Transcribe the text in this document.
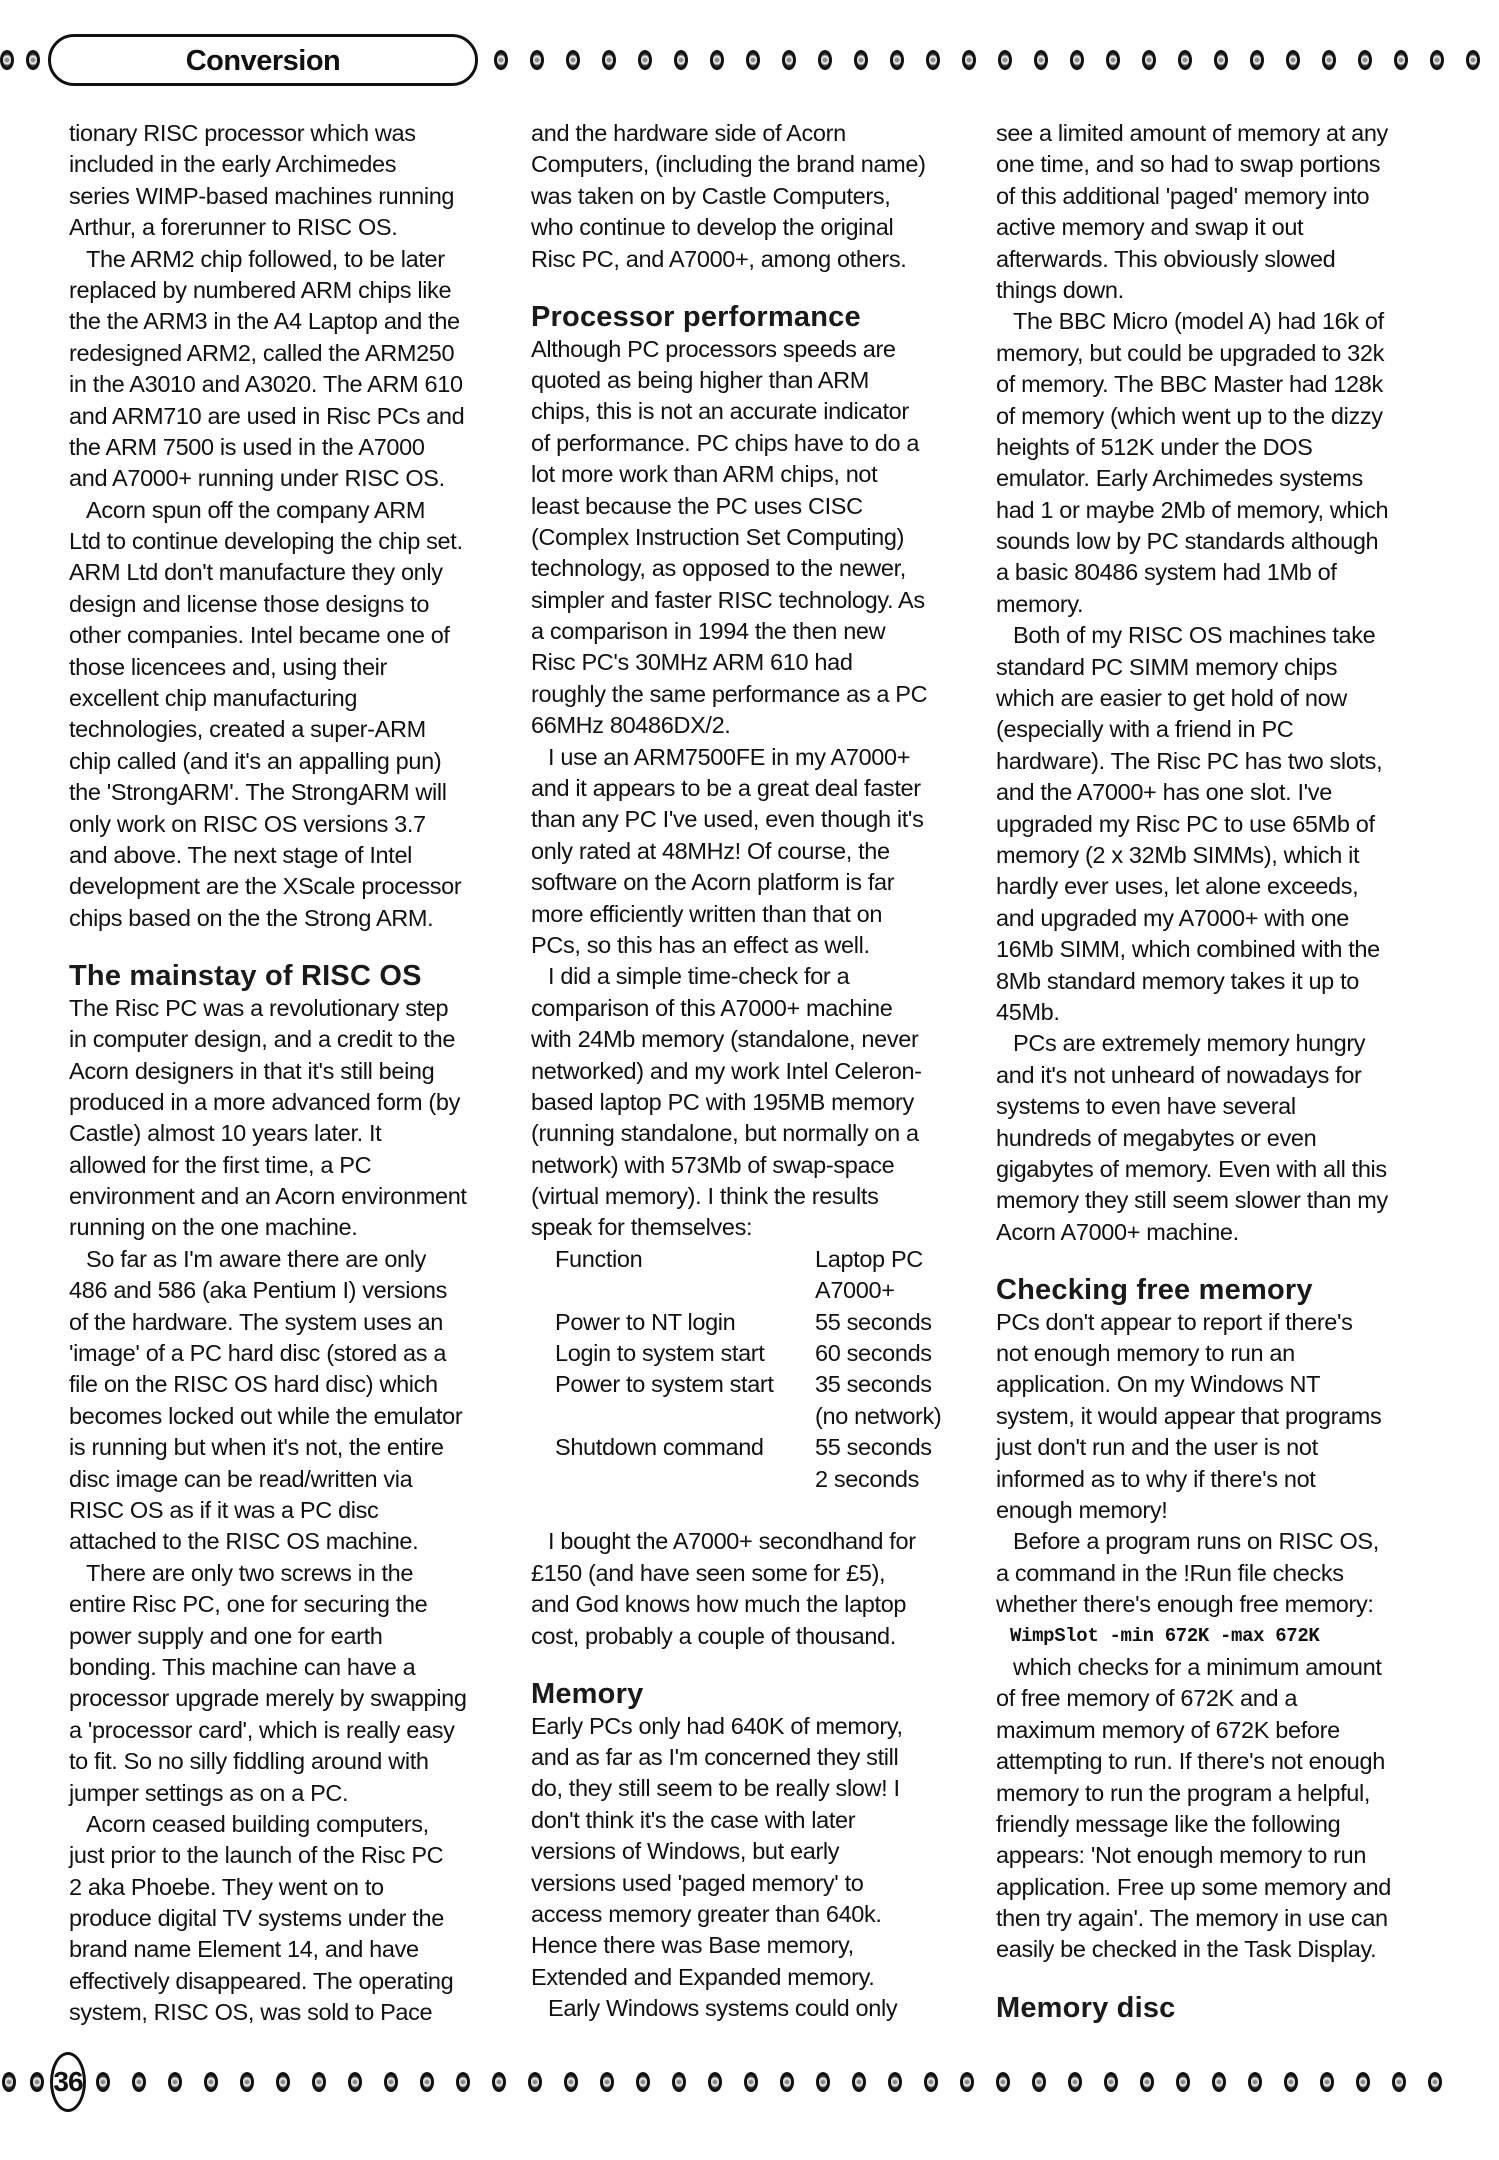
Conversion
tionary RISC processor which was
included in the early Archimedes
series WIMP-based machines running
Arthur, a forerunner to RISC OS.
The ARM2 chip followed, to be later
replaced by numbered ARM chips like
the the ARM3 in the A4 Laptop and the
redesigned ARM2, called the ARM250
in the A3010 and A3020. The ARM 610
and ARM710 are used in Risc PCs and
the ARM 7500 is used in the A7000
and A7000+ running under RISC OS.
Acorn spun off the company ARM
Ltd to continue developing the chip set.
ARM Ltd don't manufacture they only
design and license those designs to
other companies. Intel became one of
those licencees and, using their
excellent chip manufacturing
technologies, created a super-ARM
chip called (and it's an appalling pun)
the 'StrongARM'. The StrongARM will
only work on RISC OS versions 3.7
and above. The next stage of Intel
development are the XScale processor
chips based on the the Strong ARM.
The mainstay of RISC OS
The Risc PC was a revolutionary step
in computer design, and a credit to the
Acorn designers in that it's still being
produced in a more advanced form (by
Castle) almost 10 years later. It
allowed for the first time, a PC
environment and an Acorn environment
running on the one machine.
So far as I'm aware there are only
486 and 586 (aka Pentium I) versions
of the hardware. The system uses an
'image' of a PC hard disc (stored as a
file on the RISC OS hard disc) which
becomes locked out while the emulator
is running but when it's not, the entire
disc image can be read/written via
RISC OS as if it was a PC disc
attached to the RISC OS machine.
There are only two screws in the
entire Risc PC, one for securing the
power supply and one for earth
bonding. This machine can have a
processor upgrade merely by swapping
a 'processor card', which is really easy
to fit. So no silly fiddling around with
jumper settings as on a PC.
Acorn ceased building computers,
just prior to the launch of the Risc PC
2 aka Phoebe. They went on to
produce digital TV systems under the
brand name Element 14, and have
effectively disappeared. The operating
system, RISC OS, was sold to Pace
and the hardware side of Acorn
Computers, (including the brand name)
was taken on by Castle Computers,
who continue to develop the original
Risc PC, and A7000+, among others.
Processor performance
Although PC processors speeds are
quoted as being higher than ARM
chips, this is not an accurate indicator
of performance. PC chips have to do a
lot more work than ARM chips, not
least because the PC uses CISC
(Complex Instruction Set Computing)
technology, as opposed to the newer,
simpler and faster RISC technology. As
a comparison in 1994 the then new
Risc PC's 30MHz ARM 610 had
roughly the same performance as a PC
66MHz 80486DX/2.
I use an ARM7500FE in my A7000+
and it appears to be a great deal faster
than any PC I've used, even though it's
only rated at 48MHz! Of course, the
software on the Acorn platform is far
more efficiently written than that on
PCs, so this has an effect as well.
I did a simple time-check for a
comparison of this A7000+ machine
with 24Mb memory (standalone, never
networked) and my work Intel Celeron-
based laptop PC with 195MB memory
(running standalone, but normally on a
network) with 573Mb of swap-space
(virtual memory). I think the results
speak for themselves:
Function	Laptop PC
A7000+
Power to NT login	55 seconds
Login to system start	60 seconds
Power to system start	35 seconds
(no network)
Shutdown command	55 seconds
2 seconds
I bought the A7000+ secondhand for
£150 (and have seen some for £5),
and God knows how much the laptop
cost, probably a couple of thousand.
Memory
Early PCs only had 640K of memory,
and as far as I'm concerned they still
do, they still seem to be really slow! I
don't think it's the case with later
versions of Windows, but early
versions used 'paged memory' to
access memory greater than 640k.
Hence there was Base memory,
Extended and Expanded memory.
Early Windows systems could only
see a limited amount of memory at any
one time, and so had to swap portions
of this additional 'paged' memory into
active memory and swap it out
afterwards. This obviously slowed
things down.
The BBC Micro (model A) had 16k of
memory, but could be upgraded to 32k
of memory. The BBC Master had 128k
of memory (which went up to the dizzy
heights of 512K under the DOS
emulator. Early Archimedes systems
had 1 or maybe 2Mb of memory, which
sounds low by PC standards although
a basic 80486 system had 1Mb of
memory.
Both of my RISC OS machines take
standard PC SIMM memory chips
which are easier to get hold of now
(especially with a friend in PC
hardware). The Risc PC has two slots,
and the A7000+ has one slot. I've
upgraded my Risc PC to use 65Mb of
memory (2 x 32Mb SIMMs), which it
hardly ever uses, let alone exceeds,
and upgraded my A7000+ with one
16Mb SIMM, which combined with the
8Mb standard memory takes it up to
45Mb.
PCs are extremely memory hungry
and it's not unheard of nowadays for
systems to even have several
hundreds of megabytes or even
gigabytes of memory. Even with all this
memory they still seem slower than my
Acorn A7000+ machine.
Checking free memory
PCs don't appear to report if there's
not enough memory to run an
application. On my Windows NT
system, it would appear that programs
just don't run and the user is not
informed as to why if there's not
enough memory!
Before a program runs on RISC OS,
a command in the !Run file checks
whether there's enough free memory:
WimpSlot -min 672K -max 672K
which checks for a minimum amount
of free memory of 672K and a
maximum memory of 672K before
attempting to run. If there's not enough
memory to run the program a helpful,
friendly message like the following
appears: 'Not enough memory to run
application. Free up some memory and
then try again'. The memory in use can
easily be checked in the Task Display.
Memory disc
36
